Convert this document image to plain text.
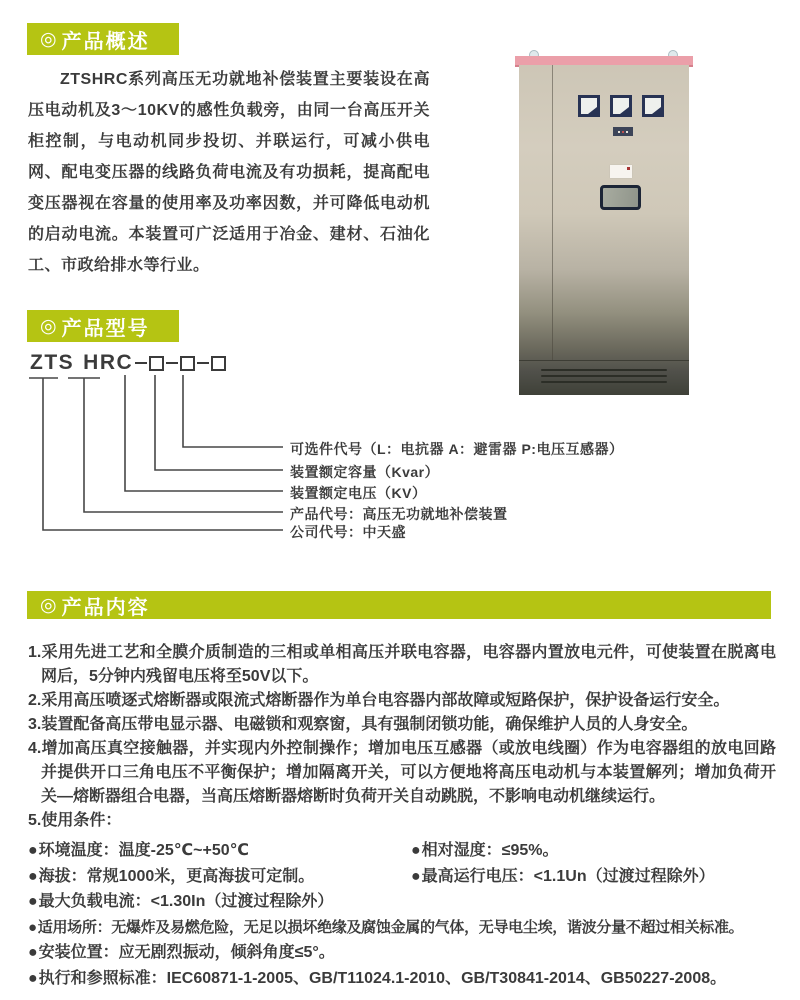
◎ 产品概述
ZTSHRC系列高压无功就地补偿装置主要装设在高压电动机及3～10KV的感性负载旁，由同一台高压开关柜控制，与电动机同步投切、并联运行，可减小供电网、配电变压器的线路负荷电流及有功损耗，提高配电变压器视在容量的使用率及功率因数，并可降低电动机的启动电流。本装置可广泛适用于冶金、建材、石油化工、市政给排水等行业。
◎ 产品型号
ZTS HRC
可选件代号（L：电抗器 A：避雷器 P:电压互感器）
装置额定容量（Kvar）
装置额定电压（KV）
产品代号：高压无功就地补偿装置
公司代号：中天盛
◎ 产品内容
1.采用先进工艺和全膜介质制造的三相或单相高压并联电容器，电容器内置放电元件，可使装置在脱离电网后，5分钟内残留电压将至50V以下。
2.采用高压喷逐式熔断器或限流式熔断器作为单台电容器内部故障或短路保护，保护设备运行安全。
3.装置配备高压带电显示器、电磁锁和观察窗，具有强制闭锁功能，确保维护人员的人身安全。
4.增加高压真空接触器，并实现内外控制操作；增加电压互感器（或放电线圈）作为电容器组的放电回路并提供开口三角电压不平衡保护；增加隔离开关，可以方便地将高压电动机与本装置解列；增加负荷开关—熔断器组合电器，当高压熔断器熔断时负荷开关自动跳脱，不影响电动机继续运行。
5.使用条件：
●环境温度：温度-25℃~+50℃	●相对湿度：≤95%。
●海拔：常规1000米，更高海拔可定制。	●最高运行电压：<1.1Un（过渡过程除外）
●最大负载电流：<1.30In（过渡过程除外）
●适用场所：无爆炸及易燃危险，无足以损坏绝缘及腐蚀金属的气体，无导电尘埃，谐波分量不超过相关标准。
●安装位置：应无剧烈振动，倾斜角度≤5°。
●执行和参照标准：IEC60871-1-2005、GB/T11024.1-2010、GB/T30841-2014、GB50227-2008。
